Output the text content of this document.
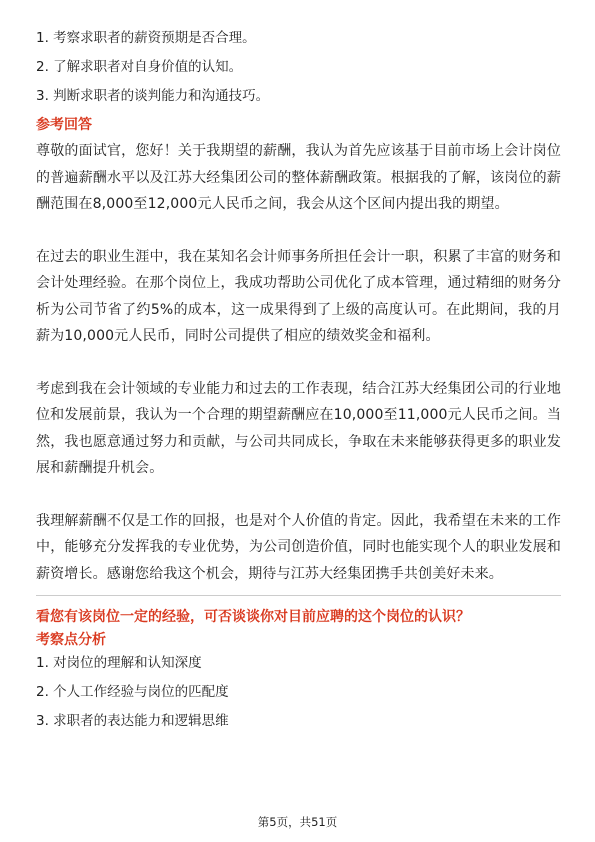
1. 考察求职者的薪资预期是否合理。
2. 了解求职者对自身价值的认知。
3. 判断求职者的谈判能力和沟通技巧。
参考回答
尊敬的面试官，您好！关于我期望的薪酬，我认为首先应该基于目前市场上会计岗位的普遍薪酬水平以及江苏大经集团公司的整体薪酬政策。根据我的了解，该岗位的薪酬范围在8,000至12,000元人民币之间，我会从这个区间内提出我的期望。
在过去的职业生涯中，我在某知名会计师事务所担任会计一职，积累了丰富的财务和会计处理经验。在那个岗位上，我成功帮助公司优化了成本管理，通过精细的财务分析为公司节省了约5%的成本，这一成果得到了上级的高度认可。在此期间，我的月薪为10,000元人民币，同时公司提供了相应的绩效奖金和福利。
考虑到我在会计领域的专业能力和过去的工作表现，结合江苏大经集团公司的行业地位和发展前景，我认为一个合理的期望薪酬应在10,000至11,000元人民币之间。当然，我也愿意通过努力和贡献，与公司共同成长，争取在未来能够获得更多的职业发展和薪酬提升机会。
我理解薪酬不仅是工作的回报，也是对个人价值的肯定。因此，我希望在未来的工作中，能够充分发挥我的专业优势，为公司创造价值，同时也能实现个人的职业发展和薪资增长。感谢您给我这个机会，期待与江苏大经集团携手共创美好未来。
看您有该岗位一定的经验，可否谈谈你对目前应聘的这个岗位的认识？
考察点分析
1. 对岗位的理解和认知深度
2. 个人工作经验与岗位的匹配度
3. 求职者的表达能力和逻辑思维
第5页，共51页
